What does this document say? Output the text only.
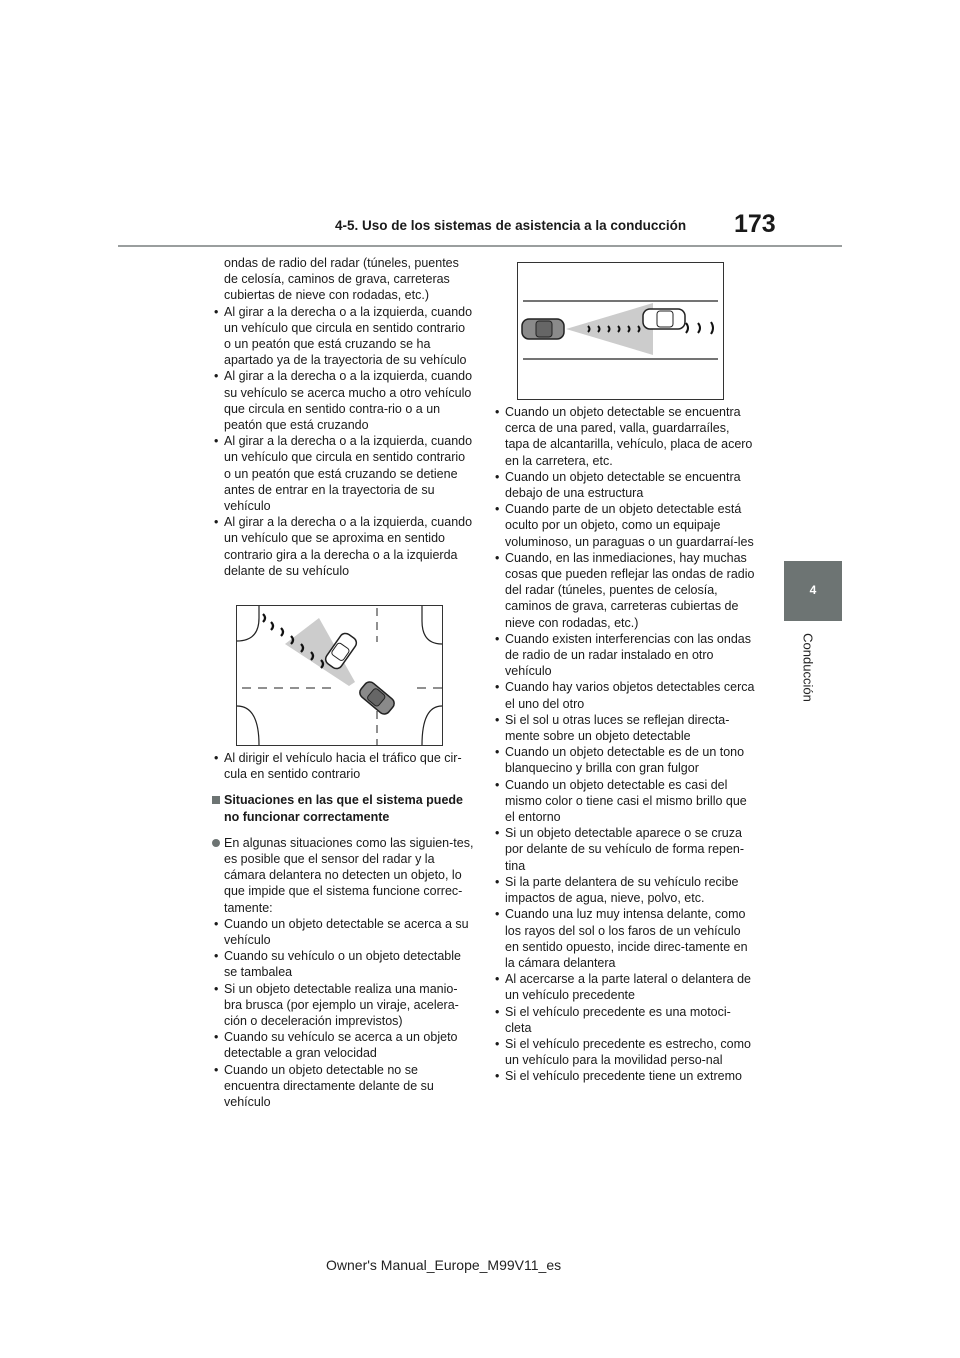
4-5. Uso de los sistemas de asistencia a la conducción 173
4
Conducción
ondas de radio del radar (túneles, puentes de celosía, caminos de grava, carreteras cubiertas de nieve con rodadas, etc.)
• Al girar a la derecha o a la izquierda, cuando un vehículo que circula en sentido contrario o un peatón que está cruzando se ha apartado ya de la trayectoria de su vehículo
• Al girar a la derecha o a la izquierda, cuando su vehículo se acerca mucho a otro vehículo que circula en sentido contra-rio o a un peatón que está cruzando
• Al girar a la derecha o a la izquierda, cuando un vehículo que circula en sentido contrario o un peatón que está cruzando se detiene antes de entrar en la trayectoria de su vehículo
• Al girar a la derecha o a la izquierda, cuando un vehículo que se aproxima en sentido contrario gira a la derecha o a la izquierda delante de su vehículo
• Al dirigir el vehículo hacia el tráfico que cir-cula en sentido contrario
Situaciones en las que el sistema puede no funcionar correctamente
En algunas situaciones como las siguien-tes, es posible que el sensor del radar y la cámara delantera no detecten un objeto, lo que impide que el sistema funcione correc-tamente:
• Cuando un objeto detectable se acerca a su vehículo
• Cuando su vehículo o un objeto detectable se tambalea
• Si un objeto detectable realiza una manio-bra brusca (por ejemplo un viraje, acelera-ción o deceleración imprevistos)
• Cuando su vehículo se acerca a un objeto detectable a gran velocidad
• Cuando un objeto detectable no se encuentra directamente delante de su vehículo
• Cuando un objeto detectable se encuentra cerca de una pared, valla, guardarraíles, tapa de alcantarilla, vehículo, placa de acero en la carretera, etc.
• Cuando un objeto detectable se encuentra debajo de una estructura
• Cuando parte de un objeto detectable está oculto por un objeto, como un equipaje voluminoso, un paraguas o un guardarraí-les
• Cuando, en las inmediaciones, hay muchas cosas que pueden reflejar las ondas de radio del radar (túneles, puentes de celosía, caminos de grava, carreteras cubiertas de nieve con rodadas, etc.)
• Cuando existen interferencias con las ondas de radio de un radar instalado en otro vehículo
• Cuando hay varios objetos detectables cerca el uno del otro
• Si el sol u otras luces se reflejan directa-mente sobre un objeto detectable
• Cuando un objeto detectable es de un tono blanquecino y brilla con gran fulgor
• Cuando un objeto detectable es casi del mismo color o tiene casi el mismo brillo que el entorno
• Si un objeto detectable aparece o se cruza por delante de su vehículo de forma repen-tina
• Si la parte delantera de su vehículo recibe impactos de agua, nieve, polvo, etc.
• Cuando una luz muy intensa delante, como los rayos del sol o los faros de un vehículo en sentido opuesto, incide direc-tamente en la cámara delantera
• Al acercarse a la parte lateral o delantera de un vehículo precedente
• Si el vehículo precedente es una motoci-cleta
• Si el vehículo precedente es estrecho, como un vehículo para la movilidad perso-nal
• Si el vehículo precedente tiene un extremo
Owner's Manual_Europe_M99V11_es
